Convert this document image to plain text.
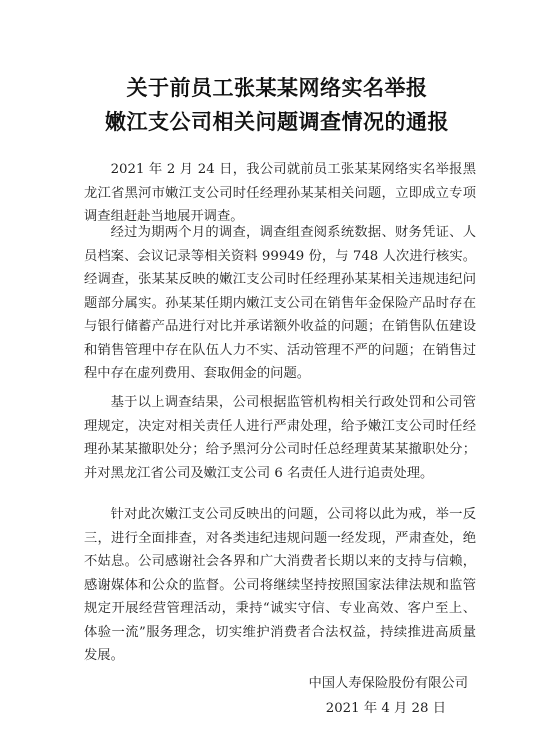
关于前员工张某某网络实名举报
嫩江支公司相关问题调查情况的通报

2021 年 2 月 24 日，我公司就前员工张某某网络实名举报黑龙江省黑河市嫩江支公司时任经理孙某某相关问题，立即成立专项调查组赶赴当地展开调查。

经过为期两个月的调查，调查组查阅系统数据、财务凭证、人员档案、会议记录等相关资料 99949 份，与 748 人次进行核实。经调查，张某某反映的嫩江支公司时任经理孙某某相关违规违纪问题部分属实。孙某某任期内嫩江支公司在销售年金保险产品时存在与银行储蓄产品进行对比并承诺额外收益的问题；在销售队伍建设和销售管理中存在队伍人力不实、活动管理不严的问题；在销售过程中存在虚列费用、套取佣金的问题。

基于以上调查结果，公司根据监管机构相关行政处罚和公司管理规定，决定对相关责任人进行严肃处理，给予嫩江支公司时任经理孙某某撤职处分；给予黑河分公司时任总经理黄某某撤职处分；并对黑龙江省公司及嫩江支公司 6 名责任人进行追责处理。

针对此次嫩江支公司反映出的问题，公司将以此为戒，举一反三，进行全面排查，对各类违纪违规问题一经发现，严肃查处，绝不姑息。公司感谢社会各界和广大消费者长期以来的支持与信赖，感谢媒体和公众的监督。公司将继续坚持按照国家法律法规和监管规定开展经营管理活动，秉持“诚实守信、专业高效、客户至上、体验一流”服务理念，切实维护消费者合法权益，持续推进高质量发展。

中国人寿保险股份有限公司
2021 年 4 月 28 日
